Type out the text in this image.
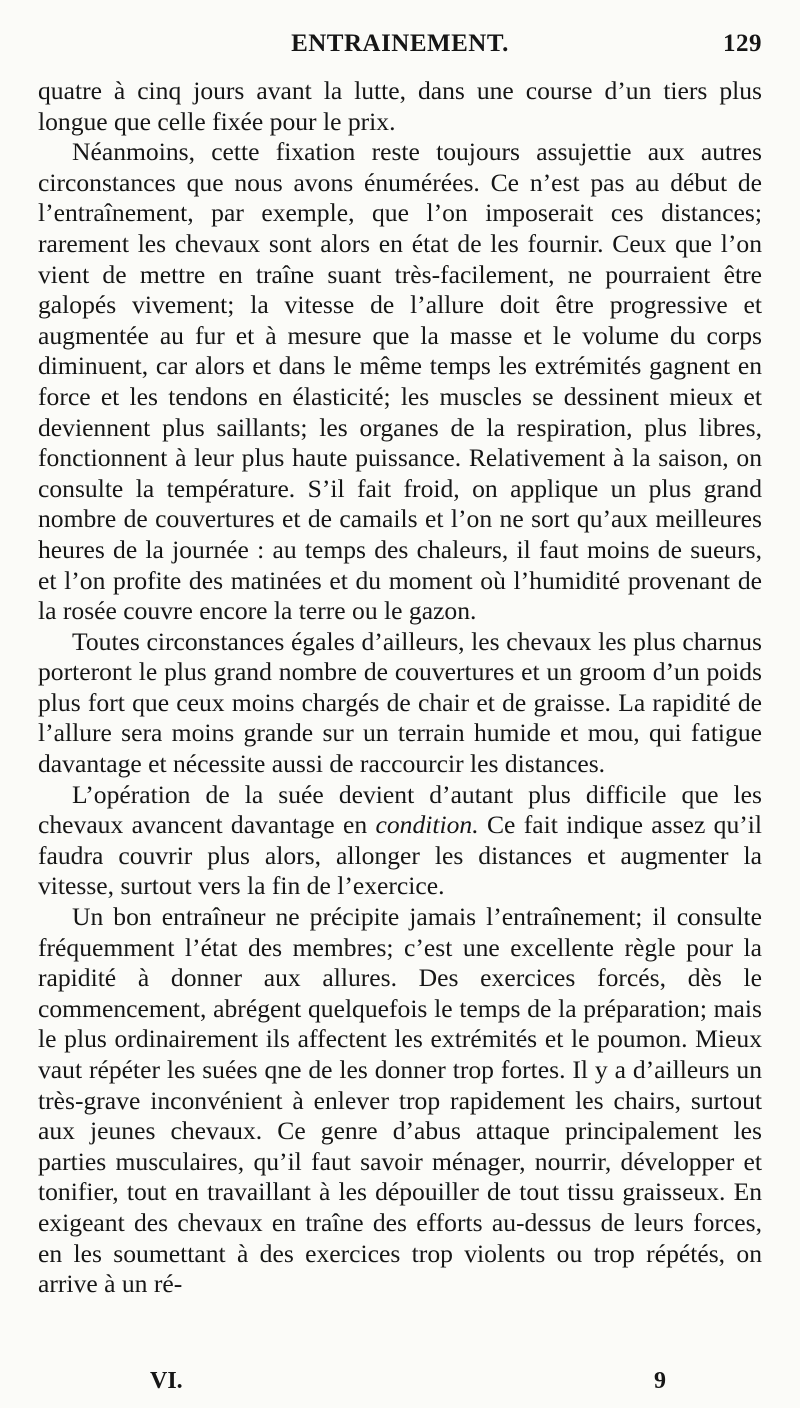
ENTRAINEMENT.	129

quatre à cinq jours avant la lutte, dans une course d’un tiers plus longue que celle fixée pour le prix.

Néanmoins, cette fixation reste toujours assujettie aux autres circonstances que nous avons énumérées. Ce n’est pas au début de l’entraînement, par exemple, que l’on imposerait ces distances; rarement les chevaux sont alors en état de les fournir. Ceux que l’on vient de mettre en traîne suant très-facilement, ne pourraient être galopés vivement; la vitesse de l’allure doit être progressive et augmentée au fur et à mesure que la masse et le volume du corps diminuent, car alors et dans le même temps les extrémités gagnent en force et les tendons en élasticité; les muscles se dessinent mieux et deviennent plus saillants; les organes de la respiration, plus libres, fonctionnent à leur plus haute puissance. Relativement à la saison, on consulte la température. S’il fait froid, on applique un plus grand nombre de couvertures et de camails et l’on ne sort qu’aux meilleures heures de la journée : au temps des chaleurs, il faut moins de sueurs, et l’on profite des matinées et du moment où l’humidité provenant de la rosée couvre encore la terre ou le gazon.

Toutes circonstances égales d’ailleurs, les chevaux les plus charnus porteront le plus grand nombre de couvertures et un groom d’un poids plus fort que ceux moins chargés de chair et de graisse. La rapidité de l’allure sera moins grande sur un terrain humide et mou, qui fatigue davantage et nécessite aussi de raccourcir les distances.

L’opération de la suée devient d’autant plus difficile que les chevaux avancent davantage en condition. Ce fait indique assez qu’il faudra couvrir plus alors, allonger les distances et augmenter la vitesse, surtout vers la fin de l’exercice.

Un bon entraîneur ne précipite jamais l’entraînement; il consulte fréquemment l’état des membres; c’est une excellente règle pour la rapidité à donner aux allures. Des exercices forcés, dès le commencement, abrégent quelquefois le temps de la préparation; mais le plus ordinairement ils affectent les extrémités et le poumon. Mieux vaut répéter les suées qne de les donner trop fortes. Il y a d’ailleurs un très-grave inconvénient à enlever trop rapidement les chairs, surtout aux jeunes chevaux. Ce genre d’abus attaque principalement les parties musculaires, qu’il faut savoir ménager, nourrir, développer et tonifier, tout en travaillant à les dépouiller de tout tissu graisseux. En exigeant des chevaux en traîne des efforts au-dessus de leurs forces, en les soumettant à des exercices trop violents ou trop répétés, on arrive à un ré-

VI.	9
